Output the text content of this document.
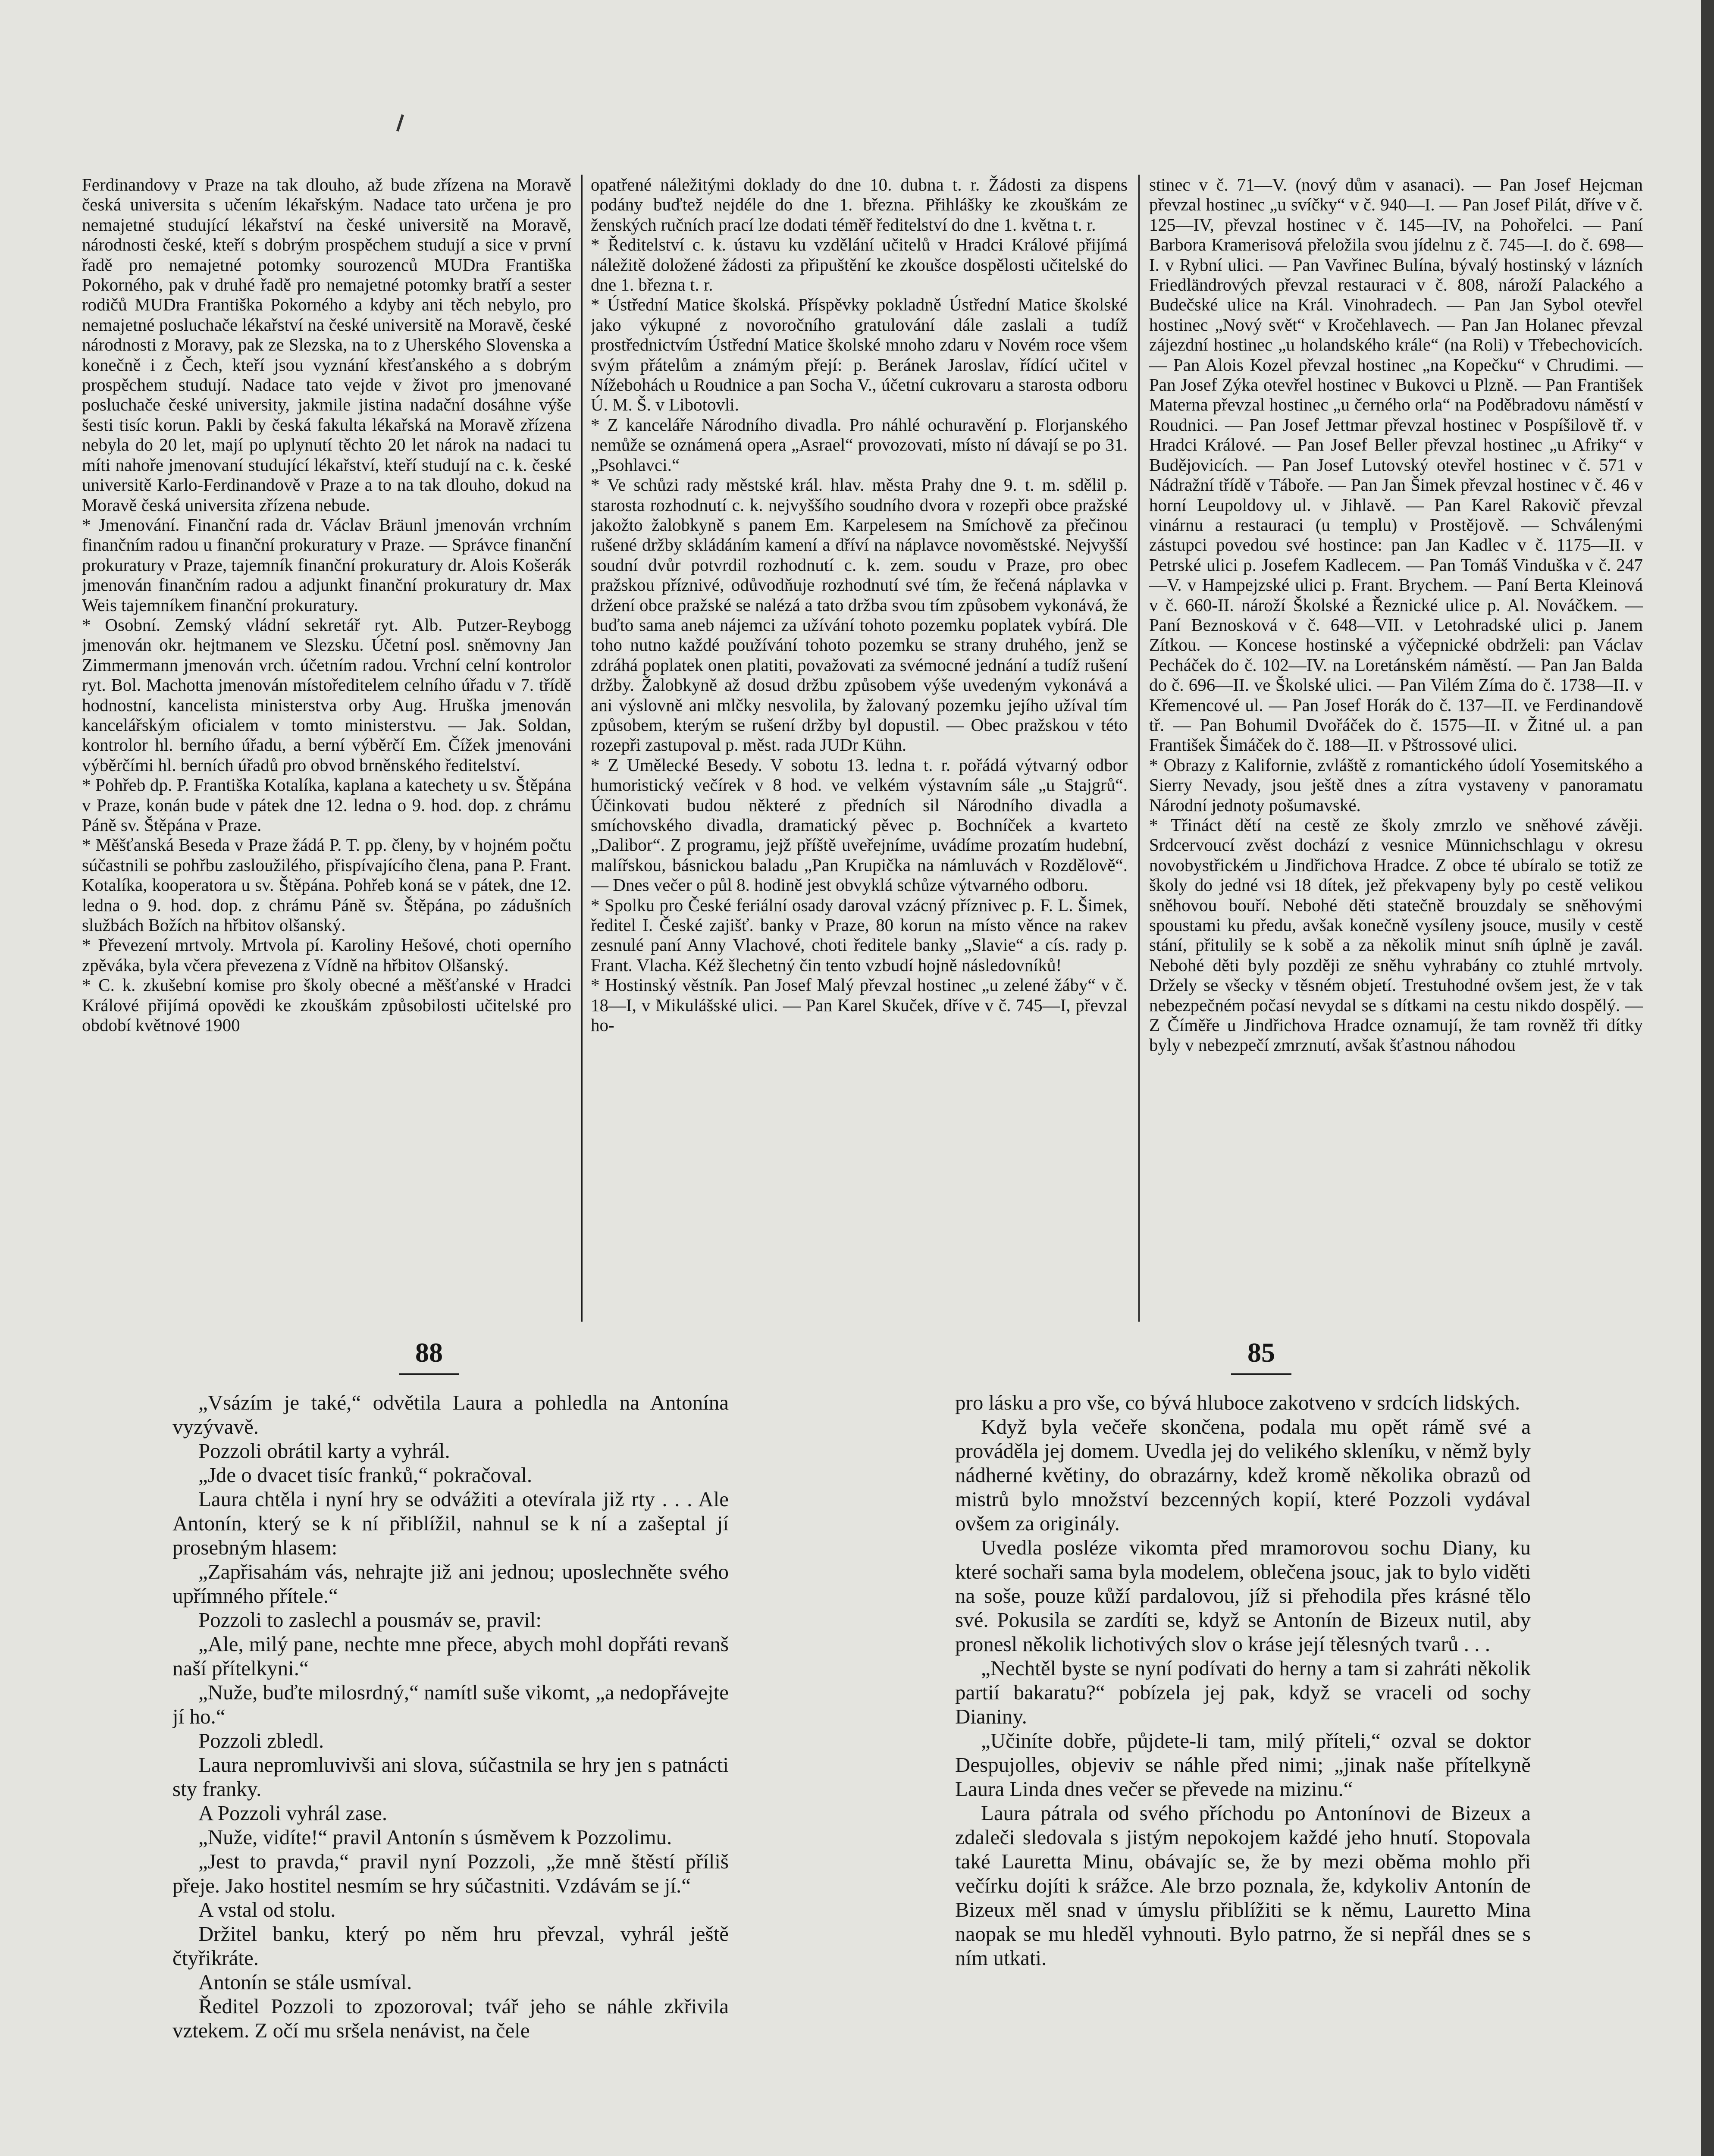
Ferdinandovy v Praze na tak dlouho, až bude zřízena na Moravě česká universita s učením lékařským. Nadace tato určena je pro nemajetné studující lékařství na české universitě na Moravě, národnosti české, kteří s dobrým prospěchem studují a sice v první řadě pro nemajetné potomky sourozenců MUDra Františka Pokorného, pak v druhé řadě pro nemajetné potomky bratří a sester rodičů MUDra Františka Pokorného a kdyby ani těch nebylo, pro nemajetné posluchače lékařství na české universitě na Moravě, české národnosti z Moravy, pak ze Slezska, na to z Uherského Slovenska a konečně i z Čech, kteří jsou vyznání křesťanského a s dobrým prospěchem studují. Nadace tato vejde v život pro jmenované posluchače české university, jakmile jistina nadační dosáhne výše šesti tisíc korun. Pakli by česká fakulta lékařská na Moravě zřízena nebyla do 20 let, mají po uplynutí těchto 20 let nárok na nadaci tu míti nahoře jmenovaní studující lékařství, kteří studují na c. k. české universitě Karlo-Ferdinandově v Praze a to na tak dlouho, dokud na Moravě česká universita zřízena nebude.

* Jmenování. Finanční rada dr. Václav Bräunl jmenován vrchním finančním radou u finanční prokuratury v Praze. — Správce finanční prokuratury v Praze, tajemník finanční prokuratury dr. Alois Košerák jmenován finančním radou a adjunkt finanční prokuratury dr. Max Weis tajemníkem finanční prokuratury.

* Osobní. Zemský vládní sekretář ryt. Alb. Putzer-Reybogg jmenován okr. hejtmanem ve Slezsku. Účetní posl. sněmovny Jan Zimmermann jmenován vrch. účetním radou. Vrchní celní kontrolor ryt. Bol. Machotta jmenován místoředitelem celního úřadu v 7. třídě hodnostní, kancelista ministerstva orby Aug. Hruška jmenován kancelářským oficialem v tomto ministerstvu. — Jak. Soldan, kontrolor hl. berního úřadu, a berní výběrčí Em. Čížek jmenováni výběrčími hl. berních úřadů pro obvod brněnského ředitelství.

* Pohřeb dp. P. Františka Kotalíka, kaplana a katechety u sv. Štěpána v Praze, konán bude v pátek dne 12. ledna o 9. hod. dop. z chrámu Páně sv. Štěpána v Praze.

* Měšťanská Beseda v Praze žádá P. T. pp. členy, by v hojném počtu súčastnili se pohřbu zasloužilého, přispívajícího člena, pana P. Frant. Kotalíka, kooperatora u sv. Štěpána. Pohřeb koná se v pátek, dne 12. ledna o 9. hod. dop. z chrámu Páně sv. Štěpána, po zádušních službách Božích na hřbitov olšanský.

* Převezení mrtvoly. Mrtvola pí. Karoliny Hešové, choti operního zpěváka, byla včera převezena z Vídně na hřbitov Olšanský.

* C. k. zkušební komise pro školy obecné a měšťanské v Hradci Králové přijímá opovědi ke zkouškám způsobilosti učitelské pro období květnové 1900

opatřené náležitými doklady do dne 10. dubna t. r. Žádosti za dispens podány buďtež nejdéle do dne 1. března. Přihlášky ke zkouškám ze ženských ručních prací lze dodati téměř ředitelství do dne 1. května t. r.

* Ředitelství c. k. ústavu ku vzdělání učitelů v Hradci Králové přijímá náležitě doložené žádosti za připuštění ke zkoušce dospělosti učitelské do dne 1. března t. r.

* Ústřední Matice školská. Příspěvky pokladně Ústřední Matice školské jako výkupné z novoročního gratulování dále zaslali a tudíž prostřednictvím Ústřední Matice školské mnoho zdaru v Novém roce všem svým přátelům a známým přejí: p. Beránek Jaroslav, řídící učitel v Nížebohách u Roudnice a pan Socha V., účetní cukrovaru a starosta odboru Ú. M. Š. v Libotovli.

* Z kanceláře Národního divadla. Pro náhlé ochuravění p. Florjanského nemůže se oznámená opera „Asrael“ provozovati, místo ní dávají se po 31. „Psohlavci.“

* Ve schůzi rady městské král. hlav. města Prahy dne 9. t. m. sdělil p. starosta rozhodnutí c. k. nejvyššího soudního dvora v rozepři obce pražské jakožto žalobkyně s panem Em. Karpelesem na Smíchově za přečinou rušené držby skládáním kamení a dříví na náplavce novoměstské. Nejvyšší soudní dvůr potvrdil rozhodnutí c. k. zem. soudu v Praze, pro obec pražskou příznivé, odůvodňuje rozhodnutí své tím, že řečená náplavka v držení obce pražské se nalézá a tato držba svou tím způsobem vykonává, že buďto sama aneb nájemci za užívání tohoto pozemku poplatek vybírá. Dle toho nutno každé používání tohoto pozemku se strany druhého, jenž se zdráhá poplatek onen platiti, považovati za svémocné jednání a tudíž rušení držby. Žalobkyně až dosud držbu způsobem výše uvedeným vykonává a ani výslovně ani mlčky nesvolila, by žalovaný pozemku jejího užíval tím způsobem, kterým se rušení držby byl dopustil. — Obec pražskou v této rozepři zastupoval p. měst. rada JUDr Kühn.

* Z Umělecké Besedy. V sobotu 13. ledna t. r. pořádá výtvarný odbor humoristický večírek v 8 hod. ve velkém výstavním sále „u Stajgrů“. Účinkovati budou některé z předních sil Národního divadla a smíchovského divadla, dramatický pěvec p. Bochníček a kvarteto „Dalibor“. Z programu, jejž příště uveřejníme, uvádíme prozatím hudební, malířskou, básnickou baladu „Pan Krupička na námluvách v Rozdělově“. — Dnes večer o půl 8. hodině jest obvyklá schůze výtvarného odboru.

* Spolku pro České feriální osady daroval vzácný příznivec p. F. L. Šimek, ředitel I. České zajišť. banky v Praze, 80 korun na místo věnce na rakev zesnulé paní Anny Vlachové, choti ředitele banky „Slavie“ a cís. rady p. Frant. Vlacha. Kéž šlechetný čin tento vzbudí hojně následovníků!

* Hostinský věstník. Pan Josef Malý převzal hostinec „u zelené žáby“ v č. 18—I, v Mikulášské ulici. — Pan Karel Skuček, dříve v č. 745—I, převzal ho-

stinec v č. 71—V. (nový dům v asanaci). — Pan Josef Hejcman převzal hostinec „u svíčky“ v č. 940—I. — Pan Josef Pilát, dříve v č. 125—IV, převzal hostinec v č. 145—IV, na Pohořelci. — Paní Barbora Kramerisová přeložila svou jídelnu z č. 745—I. do č. 698—I. v Rybní ulici. — Pan Vavřinec Bulína, bývalý hostinský v lázních Friedländrových převzal restauraci v č. 808, nároží Palackého a Budečské ulice na Král. Vinohradech. — Pan Jan Sybol otevřel hostinec „Nový svět“ v Kročehlavech. — Pan Jan Holanec převzal zájezdní hostinec „u holandského krále“ (na Roli) v Třebechovicích. — Pan Alois Kozel převzal hostinec „na Kopečku“ v Chrudimi. — Pan Josef Zýka otevřel hostinec v Bukovci u Plzně. — Pan František Materna převzal hostinec „u černého orla“ na Poděbradovu náměstí v Roudnici. — Pan Josef Jettmar převzal hostinec v Pospíšilově tř. v Hradci Králové. — Pan Josef Beller převzal hostinec „u Afriky“ v Budějovicích. — Pan Josef Lutovský otevřel hostinec v č. 571 v Nádražní třídě v Táboře. — Pan Jan Šimek převzal hostinec v č. 46 v horní Leupoldovy ul. v Jihlavě. — Pan Karel Rakovič převzal vinárnu a restauraci (u templu) v Prostějově. — Schválenými zástupci povedou své hostince: pan Jan Kadlec v č. 1175—II. v Petrské ulici p. Josefem Kadlecem. — Pan Tomáš Vinduška v č. 247—V. v Hampejzské ulici p. Frant. Brychem. — Paní Berta Kleinová v č. 660-II. nároží Školské a Řeznické ulice p. Al. Nováčkem. — Paní Beznosková v č. 648—VII. v Letohradské ulici p. Janem Zítkou. — Koncese hostinské a výčepnické obdrželi: pan Václav Pecháček do č. 102—IV. na Loretánském náměstí. — Pan Jan Balda do č. 696—II. ve Školské ulici. — Pan Vilém Zíma do č. 1738—II. v Křemencové ul. — Pan Josef Horák do č. 137—II. ve Ferdinandově tř. — Pan Bohumil Dvořáček do č. 1575—II. v Žitné ul. a pan František Šimáček do č. 188—II. v Pštrossové ulici.

* Obrazy z Kalifornie, zvláště z romantického údolí Yosemitského a Sierry Nevady, jsou ještě dnes a zítra vystaveny v panoramatu Národní jednoty pošumavské.

* Třináct dětí na cestě ze školy zmrzlo ve sněhové závěji. Srdcervoucí zvěst dochází z vesnice Münnichschlagu v okresu novobystřickém u Jindřichova Hradce. Z obce té ubíralo se totiž ze školy do jedné vsi 18 dítek, jež překvapeny byly po cestě velikou sněhovou bouří. Nebohé děti statečně brouzdaly se sněhovými spoustami ku předu, avšak konečně vysíleny jsouce, musily v cestě stání, přitulily se k sobě a za několik minut sníh úplně je zavál. Nebohé děti byly později ze sněhu vyhrabány co ztuhlé mrtvoly. Držely se všecky v těsném objetí. Trestuhodné ovšem jest, že v tak nebezpečném počasí nevydal se s dítkami na cestu nikdo dospělý. — Z Číměře u Jindřichova Hradce oznamují, že tam rovněž tři dítky byly v nebezpečí zmrznutí, avšak šťastnou náhodou

88	85

„Vsázím je také,“ odvětila Laura a pohledla na Antonína vyzývavě.

Pozzoli obrátil karty a vyhrál.

„Jde o dvacet tisíc franků,“ pokračoval.

Laura chtěla i nyní hry se odvážiti a otevírala již rty . . . Ale Antonín, který se k ní přiblížil, nahnul se k ní a zašeptal jí prosebným hlasem:

„Zapřisahám vás, nehrajte již ani jednou; uposlechněte svého upřímného přítele.“

Pozzoli to zaslechl a pousmáv se, pravil:

„Ale, milý pane, nechte mne přece, abych mohl dopřáti revanš naší přítelkyni.“

„Nuže, buďte milosrdný,“ namítl suše vikomt, „a nedopřávejte jí ho.“

Pozzoli zbledl.

Laura nepromluvivši ani slova, súčastnila se hry jen s patnácti sty franky.

A Pozzoli vyhrál zase.

„Nuže, vidíte!“ pravil Antonín s úsměvem k Pozzolimu.

„Jest to pravda,“ pravil nyní Pozzoli, „že mně štěstí příliš přeje. Jako hostitel nesmím se hry súčastniti. Vzdávám se jí.“

A vstal od stolu.

Držitel banku, který po něm hru převzal, vyhrál ještě čtyřikráte.

Antonín se stále usmíval.

Ředitel Pozzoli to zpozoroval; tvář jeho se náhle zkřivila vztekem. Z očí mu sršela nenávist, na čele

pro lásku a pro vše, co bývá hluboce zakotveno v srdcích lidských.

Když byla večeře skončena, podala mu opět rámě své a prováděla jej domem. Uvedla jej do velikého skleníku, v němž byly nádherné květiny, do obrazárny, kdež kromě několika obrazů od mistrů bylo množství bezcenných kopií, které Pozzoli vydával ovšem za originály.

Uvedla posléze vikomta před mramorovou sochu Diany, ku které sochaři sama byla modelem, oblečena jsouc, jak to bylo viděti na soše, pouze kůží pardalovou, jíž si přehodila přes krásné tělo své. Pokusila se zardíti se, když se Antonín de Bizeux nutil, aby pronesl několik lichotivých slov o kráse její tělesných tvarů . . .

„Nechtěl byste se nyní podívati do herny a tam si zahráti několik partií bakaratu?“ pobízela jej pak, když se vraceli od sochy Dianiny.

„Učiníte dobře, půjdete-li tam, milý příteli,“ ozval se doktor Despujolles, objeviv se náhle před nimi; „jinak naše přítelkyně Laura Linda dnes večer se převede na mizinu.“

Laura pátrala od svého příchodu po Antonínovi de Bizeux a zdaleči sledovala s jistým nepokojem každé jeho hnutí. Stopovala také Lauretta Minu, obávajíc se, že by mezi oběma mohlo při večírku dojíti k srážce. Ale brzo poznala, že, kdykoliv Antonín de Bizeux měl snad v úmyslu přiblížiti se k němu, Lauretto Mina naopak se mu hleděl vyhnouti. Bylo patrno, že si nepřál dnes se s ním utkati.
